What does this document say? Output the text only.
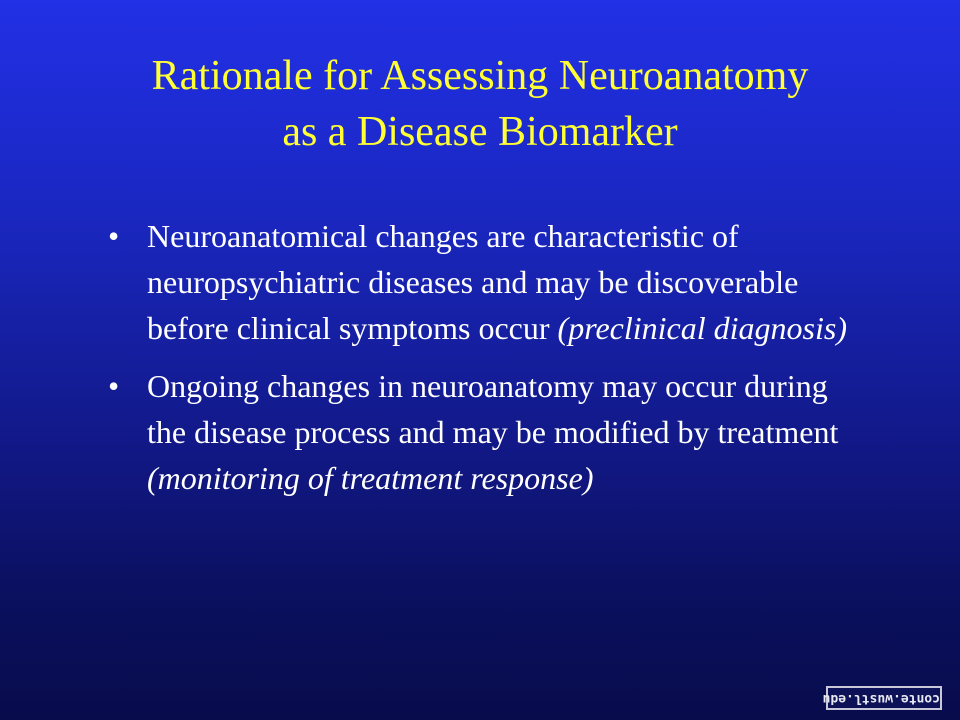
Rationale for Assessing Neuroanatomy
as a Disease Biomarker
• Neuroanatomical changes are characteristic of neuropsychiatric diseases and may be discoverable before clinical symptoms occur (preclinical diagnosis)
• Ongoing changes in neuroanatomy may occur during the disease process and may be modified by treatment (monitoring of treatment response)
conte.wustl.edu
